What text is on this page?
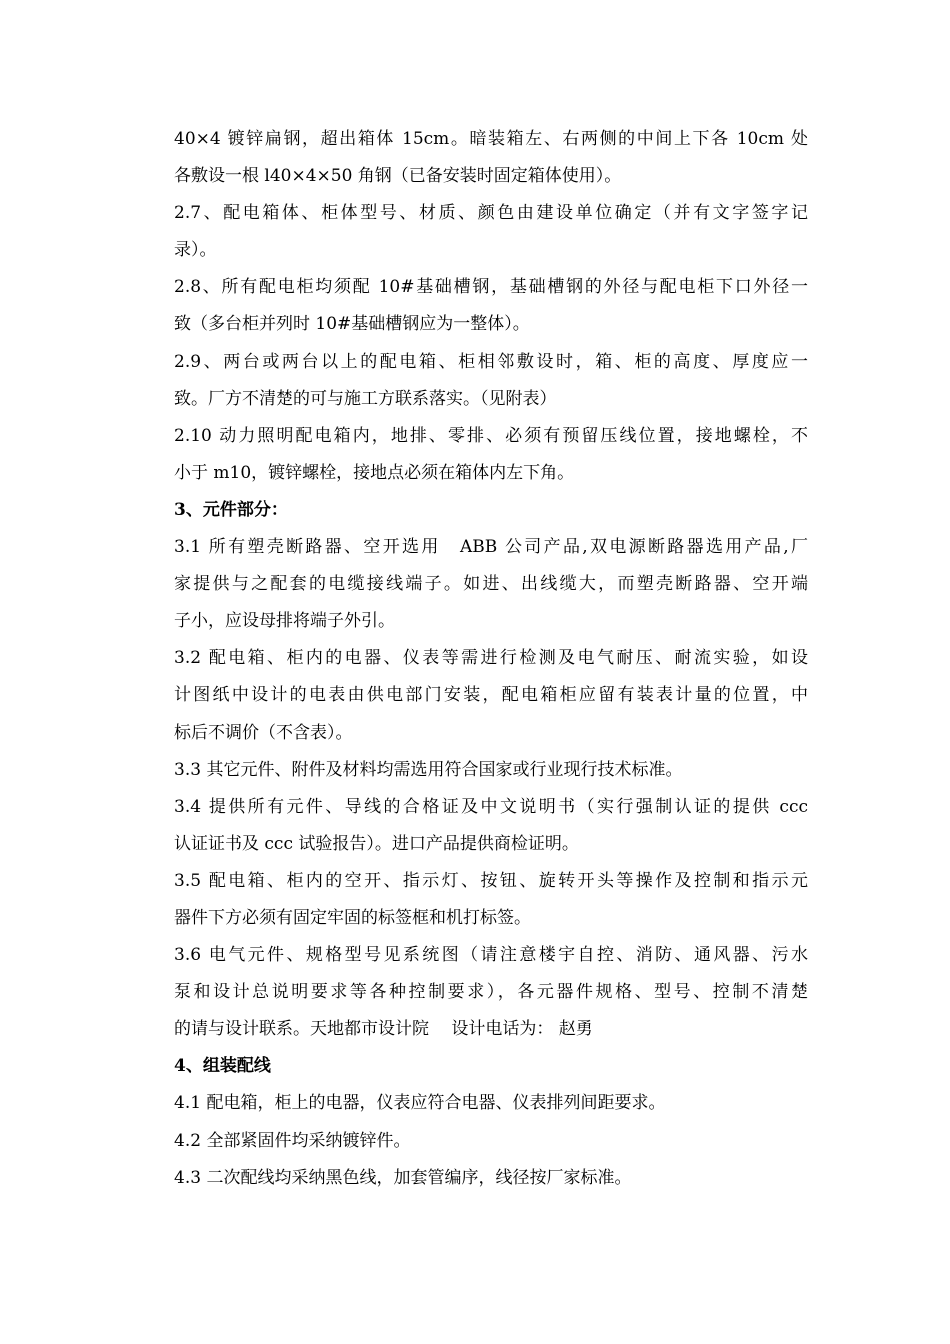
40×4 镀锌扁钢，超出箱体 15cm。暗装箱左、右两侧的中间上下各 10cm 处
各敷设一根 l40×4×50 角钢（已备安装时固定箱体使用）。
2.7、配电箱体、柜体型号、材质、颜色由建设单位确定（并有文字签字记
录）。
2.8、所有配电柜均须配 10#基础槽钢，基础槽钢的外径与配电柜下口外径一
致（多台柜并列时 10#基础槽钢应为一整体）。
2.9、两台或两台以上的配电箱、柜相邻敷设时，箱、柜的高度、厚度应一
致。厂方不清楚的可与施工方联系落实。（见附表）
2.10 动力照明配电箱内，地排、零排、必须有预留压线位置，接地螺栓，不
小于 m10，镀锌螺栓，接地点必须在箱体内左下角。
3、元件部分：
3.1 所有塑壳断路器、空开选用　ABB 公司产品,双电源断路器选用产品,厂
家提供与之配套的电缆接线端子。如进、出线缆大，而塑壳断路器、空开端
子小，应设母排将端子外引。
3.2 配电箱、柜内的电器、仪表等需进行检测及电气耐压、耐流实验，如设
计图纸中设计的电表由供电部门安装，配电箱柜应留有装表计量的位置，中
标后不调价（不含表）。
3.3 其它元件、附件及材料均需选用符合国家或行业现行技术标准。
3.4 提供所有元件、导线的合格证及中文说明书（实行强制认证的提供 ccc
认证证书及 ccc 试验报告）。进口产品提供商检证明。
3.5 配电箱、柜内的空开、指示灯、按钮、旋转开头等操作及控制和指示元
器件下方必须有固定牢固的标签框和机打标签。
3.6 电气元件、规格型号见系统图（请注意楼宇自控、消防、通风器、污水
泵和设计总说明要求等各种控制要求），各元器件规格、型号、控制不清楚
的请与设计联系。天地都市设计院　 设计电话为： 赵勇
4、组装配线
4.1 配电箱，柜上的电器，仪表应符合电器、仪表排列间距要求。
4.2 全部紧固件均采纳镀锌件。
4.3 二次配线均采纳黑色线，加套管编序，线径按厂家标准。
